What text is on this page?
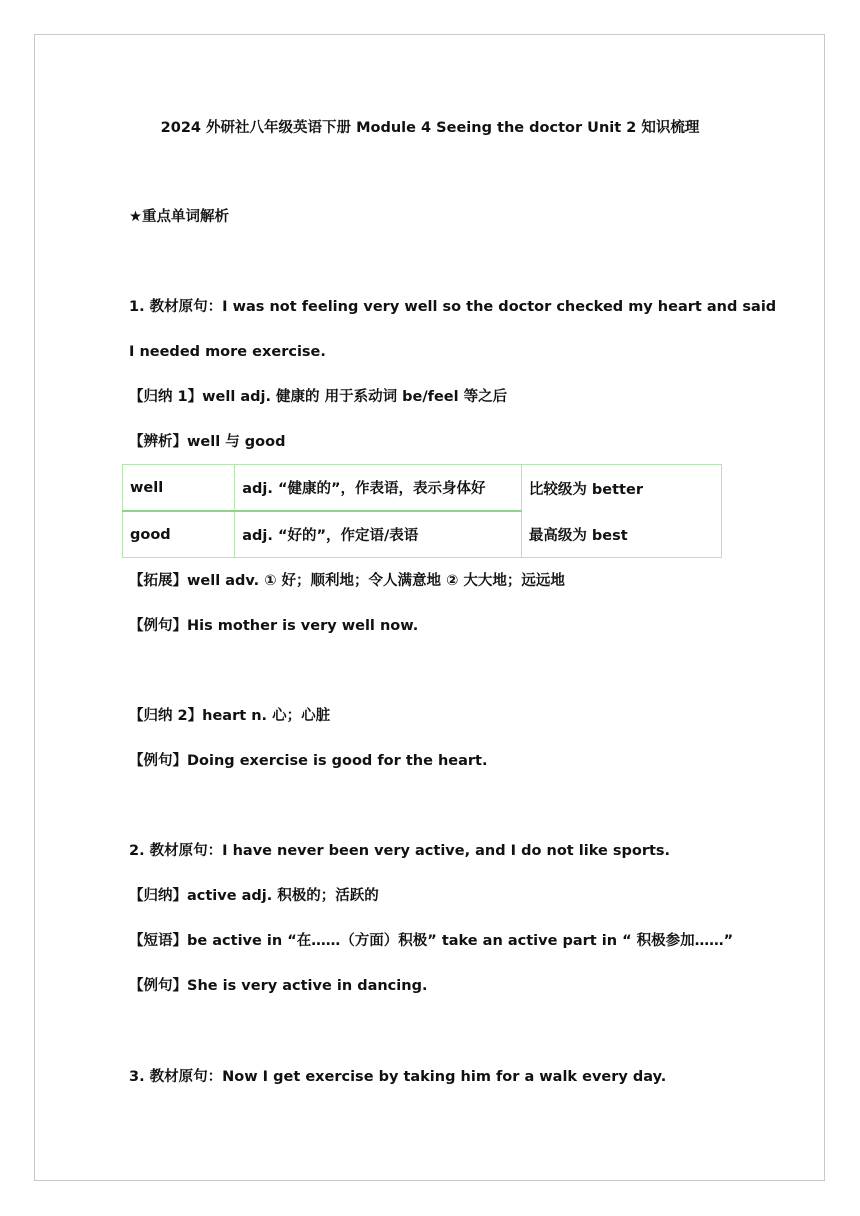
2024 外研社八年级英语下册 Module 4 Seeing the doctor Unit 2 知识梳理
★重点单词解析
1. 教材原句：I was not feeling very well so the doctor checked my heart and said
I needed more exercise.
【归纳 1】well adj. 健康的 用于系动词 be/feel 等之后
【辨析】well 与 good
well	adj. “健康的”，作表语，表示身体好	比较级为 better
最高级为 best

good	adj. “好的”，作定语/表语	
【拓展】well adv. ① 好；顺利地；令人满意地 ② 大大地；远远地
【例句】His mother is very well now.
【归纳 2】heart n. 心；心脏
【例句】Doing exercise is good for the heart.
2. 教材原句：I have never been very active, and I do not like sports.
【归纳】active adj. 积极的；活跃的
【短语】be active in “在……（方面）积极” take an active part in “ 积极参加……”
【例句】She is very active in dancing.
3. 教材原句：Now I get exercise by taking him for a walk every day.
